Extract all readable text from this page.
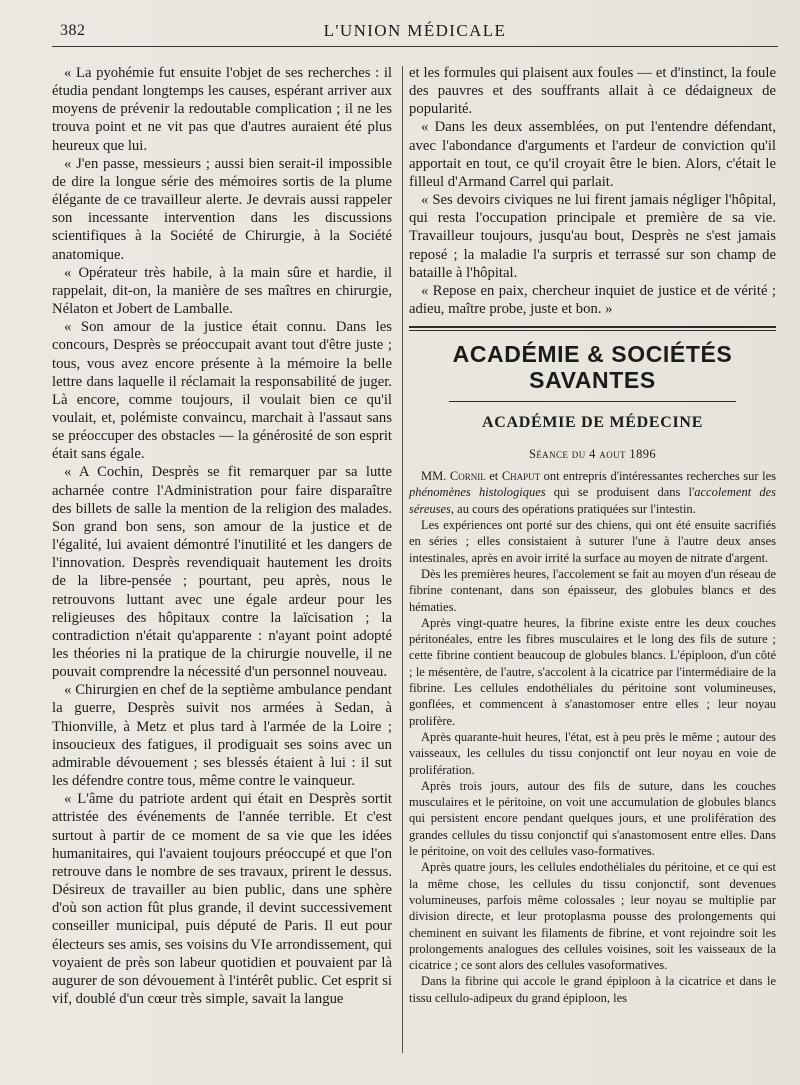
382	L'UNION MÉDICALE

« La pyohémie fut ensuite l'objet de ses recherches : il étudia pendant longtemps les causes, espérant arriver aux moyens de prévenir la redoutable complication ; il ne les trouva point et ne vit pas que d'autres auraient été plus heureux que lui.

« J'en passe, messieurs ; aussi bien serait-il impossible de dire la longue série des mémoires sortis de la plume élégante de ce travailleur alerte. Je devrais aussi rappeler son incessante intervention dans les discussions scientifiques à la Société de Chirurgie, à la Société anatomique.

« Opérateur très habile, à la main sûre et hardie, il rappelait, dit-on, la manière de ses maîtres en chirurgie, Nélaton et Jobert de Lamballe.

« Son amour de la justice était connu. Dans les concours, Desprès se préoccupait avant tout d'être juste ; tous, vous avez encore présente à la mémoire la belle lettre dans laquelle il réclamait la responsabilité de juger. Là encore, comme toujours, il voulait bien ce qu'il voulait, et, polémiste convaincu, marchait à l'assaut sans se préoccuper des obstacles — la générosité de son esprit était sans égale.

« A Cochin, Desprès se fit remarquer par sa lutte acharnée contre l'Administration pour faire disparaître des billets de salle la mention de la religion des malades. Son grand bon sens, son amour de la justice et de l'égalité, lui avaient démontré l'inutilité et les dangers de l'innovation. Desprès revendiquait hautement les droits de la libre-pensée ; pourtant, peu après, nous le retrouvons luttant avec une égale ardeur pour les religieuses des hôpitaux contre la laïcisation ; la contradiction n'était qu'apparente : n'ayant point adopté les théories ni la pratique de la chirurgie nouvelle, il ne pouvait comprendre la nécessité d'un personnel nouveau.

« Chirurgien en chef de la septième ambulance pendant la guerre, Desprès suivit nos armées à Sedan, à Thionville, à Metz et plus tard à l'armée de la Loire ; insoucieux des fatigues, il prodiguait ses soins avec un admirable dévouement ; ses blessés étaient à lui : il sut les défendre contre tous, même contre le vainqueur.

« L'âme du patriote ardent qui était en Desprès sortit attristée des événements de l'année terrible. Et c'est surtout à partir de ce moment de sa vie que les idées humanitaires, qui l'avaient toujours préoccupé et que l'on retrouve dans le nombre de ses travaux, prirent le dessus. Désireux de travailler au bien public, dans une sphère d'où son action fût plus grande, il devint successivement conseiller municipal, puis député de Paris. Il eut pour électeurs ses amis, ses voisins du VIe arrondissement, qui voyaient de près son labeur quotidien et pouvaient par là augurer de son dévouement à l'intérêt public. Cet esprit si vif, doublé d'un cœur très simple, savait la langue

et les formules qui plaisent aux foules — et d'instinct, la foule des pauvres et des souffrants allait à ce dédaigneux de popularité.

« Dans les deux assemblées, on put l'entendre défendant, avec l'abondance d'arguments et l'ardeur de conviction qu'il apportait en tout, ce qu'il croyait être le bien. Alors, c'était le filleul d'Armand Carrel qui parlait.

« Ses devoirs civiques ne lui firent jamais négliger l'hôpital, qui resta l'occupation principale et première de sa vie. Travailleur toujours, jusqu'au bout, Desprès ne s'est jamais reposé ; la maladie l'a surpris et terrassé sur son champ de bataille à l'hôpital.

« Repose en paix, chercheur inquiet de justice et de vérité ; adieu, maître probe, juste et bon. »

ACADÉMIE & SOCIÉTÉS SAVANTES
ACADÉMIE DE MÉDECINE
Séance du 4 aout 1896

MM. Cornil et Chaput ont entrepris d'intéressantes recherches sur les phénomènes histologiques qui se produisent dans l'accolement des séreuses, au cours des opérations pratiquées sur l'intestin.

Les expériences ont porté sur des chiens, qui ont été ensuite sacrifiés en séries ; elles consistaient à suturer l'une à l'autre deux anses intestinales, après en avoir irrité la surface au moyen de nitrate d'argent.

Dès les premières heures, l'accolement se fait au moyen d'un réseau de fibrine contenant, dans son épaisseur, des globules blancs et des hématies.

Après vingt-quatre heures, la fibrine existe entre les deux couches péritonéales, entre les fibres musculaires et le long des fils de suture ; cette fibrine contient beaucoup de globules blancs. L'épiploon, d'un côté ; le mésentère, de l'autre, s'accolent à la cicatrice par l'intermédiaire de la fibrine. Les cellules endothéliales du péritoine sont volumineuses, gonflées, et commencent à s'anastomoser entre elles ; leur noyau prolifère.

Après quarante-huit heures, l'état, est à peu près le même ; autour des vaisseaux, les cellules du tissu conjonctif ont leur noyau en voie de prolifération.

Après trois jours, autour des fils de suture, dans les couches musculaires et le péritoine, on voit une accumulation de globules blancs qui persistent encore pendant quelques jours, et une prolifération des grandes cellules du tissu conjonctif qui s'anastomosent entre elles. Dans le péritoine, on voit des cellules vaso-formatives.

Après quatre jours, les cellules endothéliales du péritoine, et ce qui est la même chose, les cellules du tissu conjonctif, sont devenues volumineuses, parfois même colossales ; leur noyau se multiplie par division directe, et leur protoplasma pousse des prolongements qui cheminent en suivant les filaments de fibrine, et vont rejoindre soit les prolongements analogues des cellules voisines, soit les vaisseaux de la cicatrice ; ce sont alors des cellules vasoformatives.

Dans la fibrine qui accole le grand épiploon à la cicatrice et dans le tissu cellulo-adipeux du grand épiploon, les
